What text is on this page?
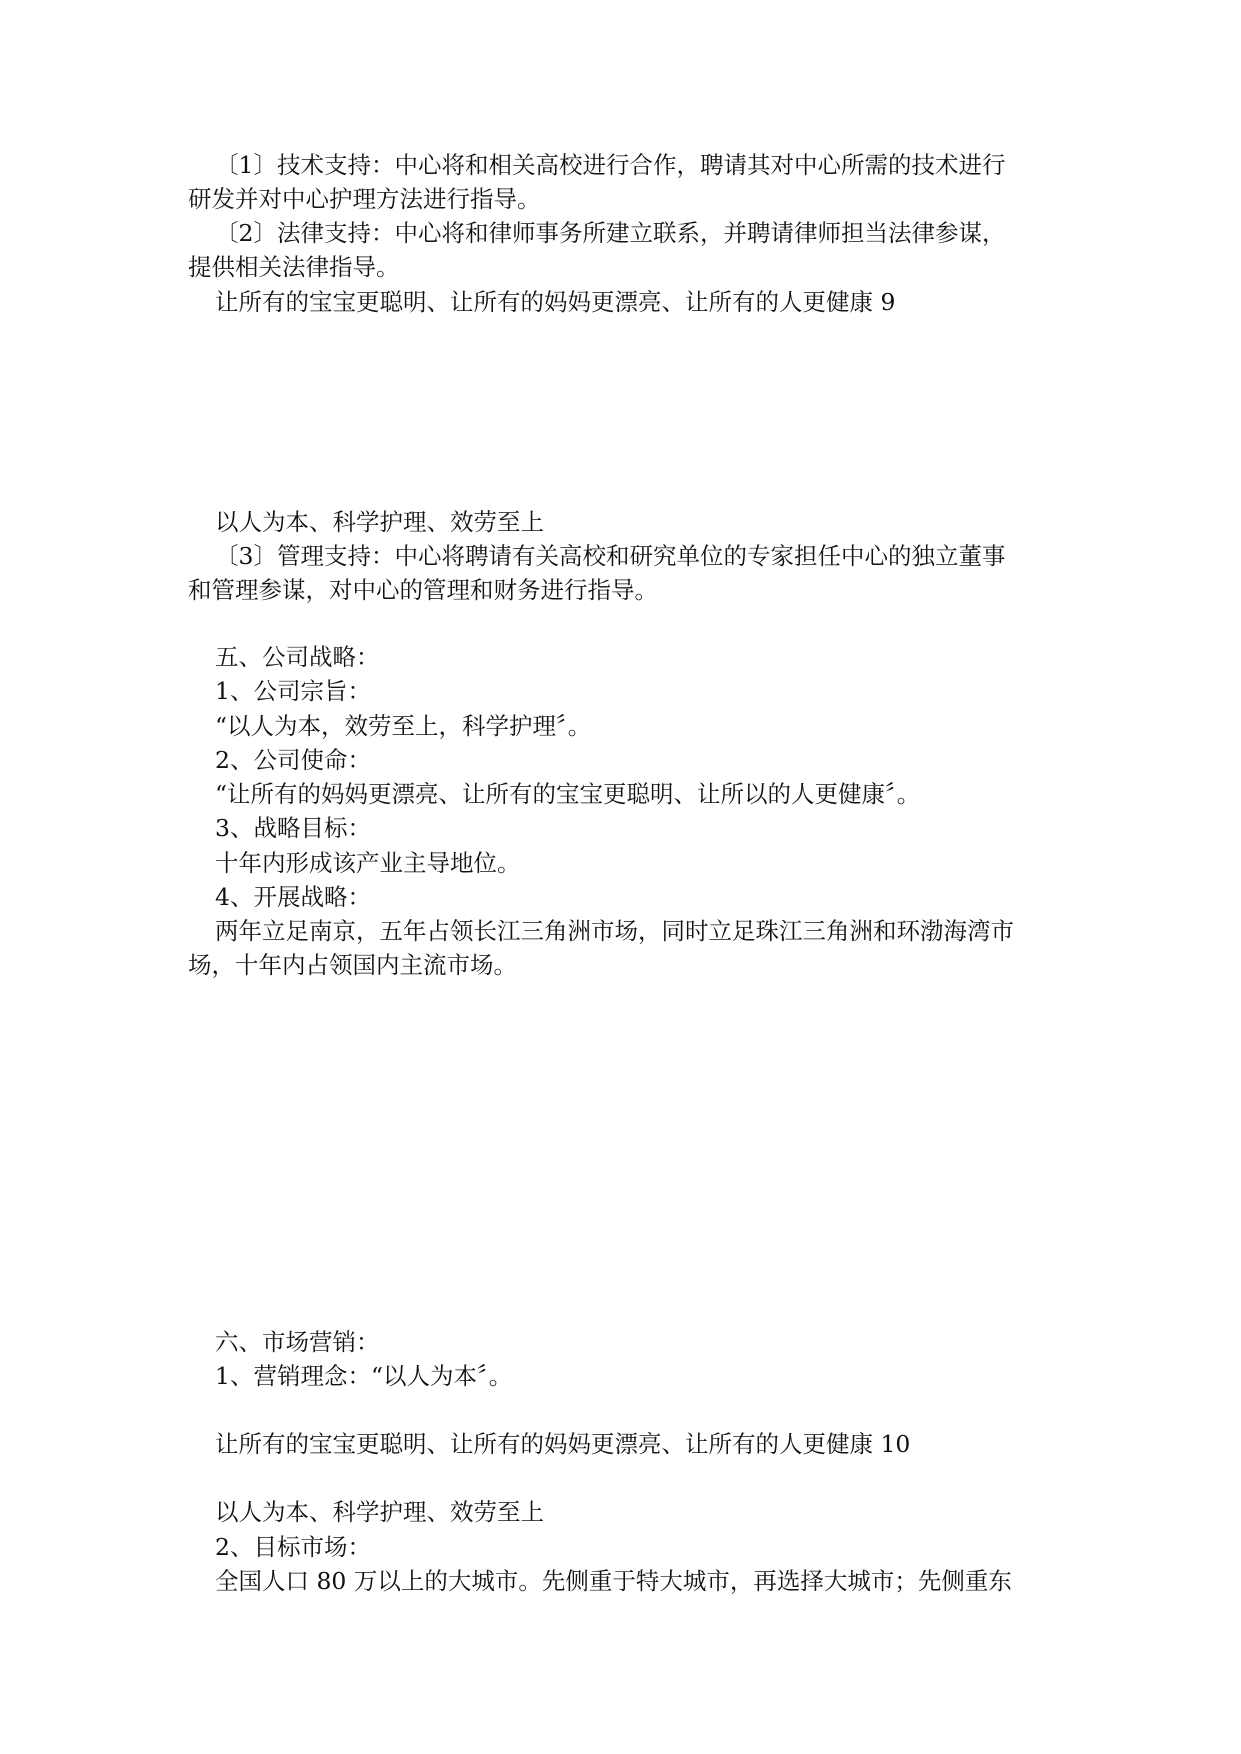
〔1〕技术支持：中心将和相关高校进行合作，聘请其对中心所需的技术进行
研发并对中心护理方法进行指导。
〔2〕法律支持：中心将和律师事务所建立联系，并聘请律师担当法律参谋，
提供相关法律指导。
让所有的宝宝更聪明、让所有的妈妈更漂亮、让所有的人更健康 9
以人为本、科学护理、效劳至上
〔3〕管理支持：中心将聘请有关高校和研究单位的专家担任中心的独立董事
和管理参谋，对中心的管理和财务进行指导。
五、公司战略：
1、公司宗旨：
“以人为本，效劳至上，科学护理〞。
2、公司使命：
“让所有的妈妈更漂亮、让所有的宝宝更聪明、让所以的人更健康〞。
3、战略目标：
十年内形成该产业主导地位。
4、开展战略：
两年立足南京，五年占领长江三角洲市场，同时立足珠江三角洲和环渤海湾市
场，十年内占领国内主流市场。
六、市场营销：
1、营销理念：“以人为本〞。
让所有的宝宝更聪明、让所有的妈妈更漂亮、让所有的人更健康 10
以人为本、科学护理、效劳至上
2、目标市场：
全国人口 80 万以上的大城市。先侧重于特大城市，再选择大城市；先侧重东
